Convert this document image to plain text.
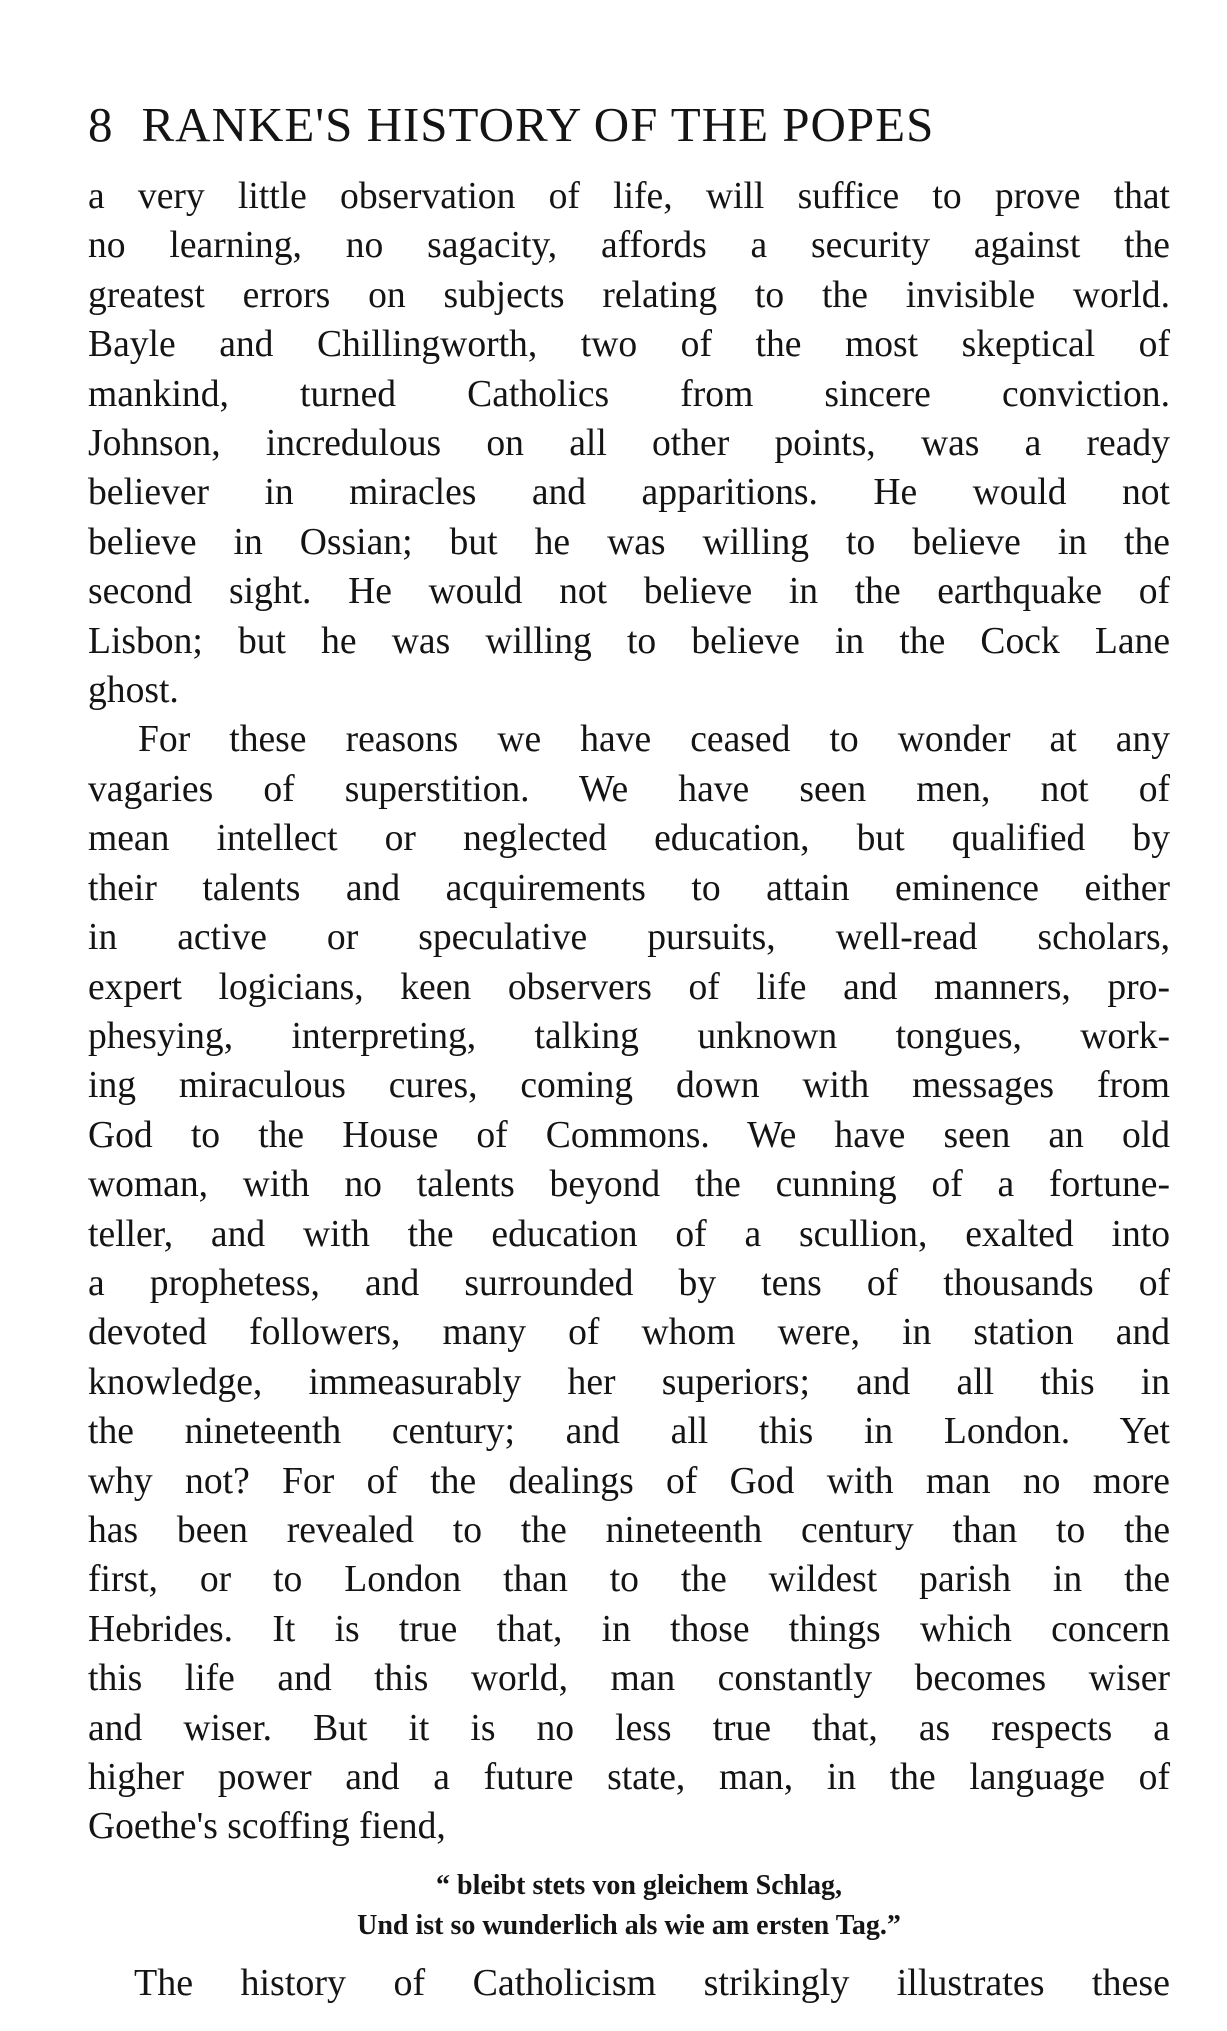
8 RANKE'S HISTORY OF THE POPES
a very little observation of life, will suffice to prove that
no learning, no sagacity, affords a security against the
greatest errors on subjects relating to the invisible world.
Bayle and Chillingworth, two of the most skeptical of
mankind, turned Catholics from sincere conviction.
Johnson, incredulous on all other points, was a ready
believer in miracles and apparitions. He would not
believe in Ossian; but he was willing to believe in the
second sight. He would not believe in the earthquake of
Lisbon; but he was willing to believe in the Cock Lane
ghost.
For these reasons we have ceased to wonder at any
vagaries of superstition. We have seen men, not of
mean intellect or neglected education, but qualified by
their talents and acquirements to attain eminence either
in active or speculative pursuits, well-read scholars,
expert logicians, keen observers of life and manners, pro-
phesying, interpreting, talking unknown tongues, work-
ing miraculous cures, coming down with messages from
God to the House of Commons. We have seen an old
woman, with no talents beyond the cunning of a fortune-
teller, and with the education of a scullion, exalted into
a prophetess, and surrounded by tens of thousands of
devoted followers, many of whom were, in station and
knowledge, immeasurably her superiors; and all this in
the nineteenth century; and all this in London. Yet
why not? For of the dealings of God with man no more
has been revealed to the nineteenth century than to the
first, or to London than to the wildest parish in the
Hebrides. It is true that, in those things which concern
this life and this world, man constantly becomes wiser
and wiser. But it is no less true that, as respects a
higher power and a future state, man, in the language of
Goethe's scoffing fiend,
“ bleibt stets von gleichem Schlag,
Und ist so wunderlich als wie am ersten Tag.”
The history of Catholicism strikingly illustrates these
